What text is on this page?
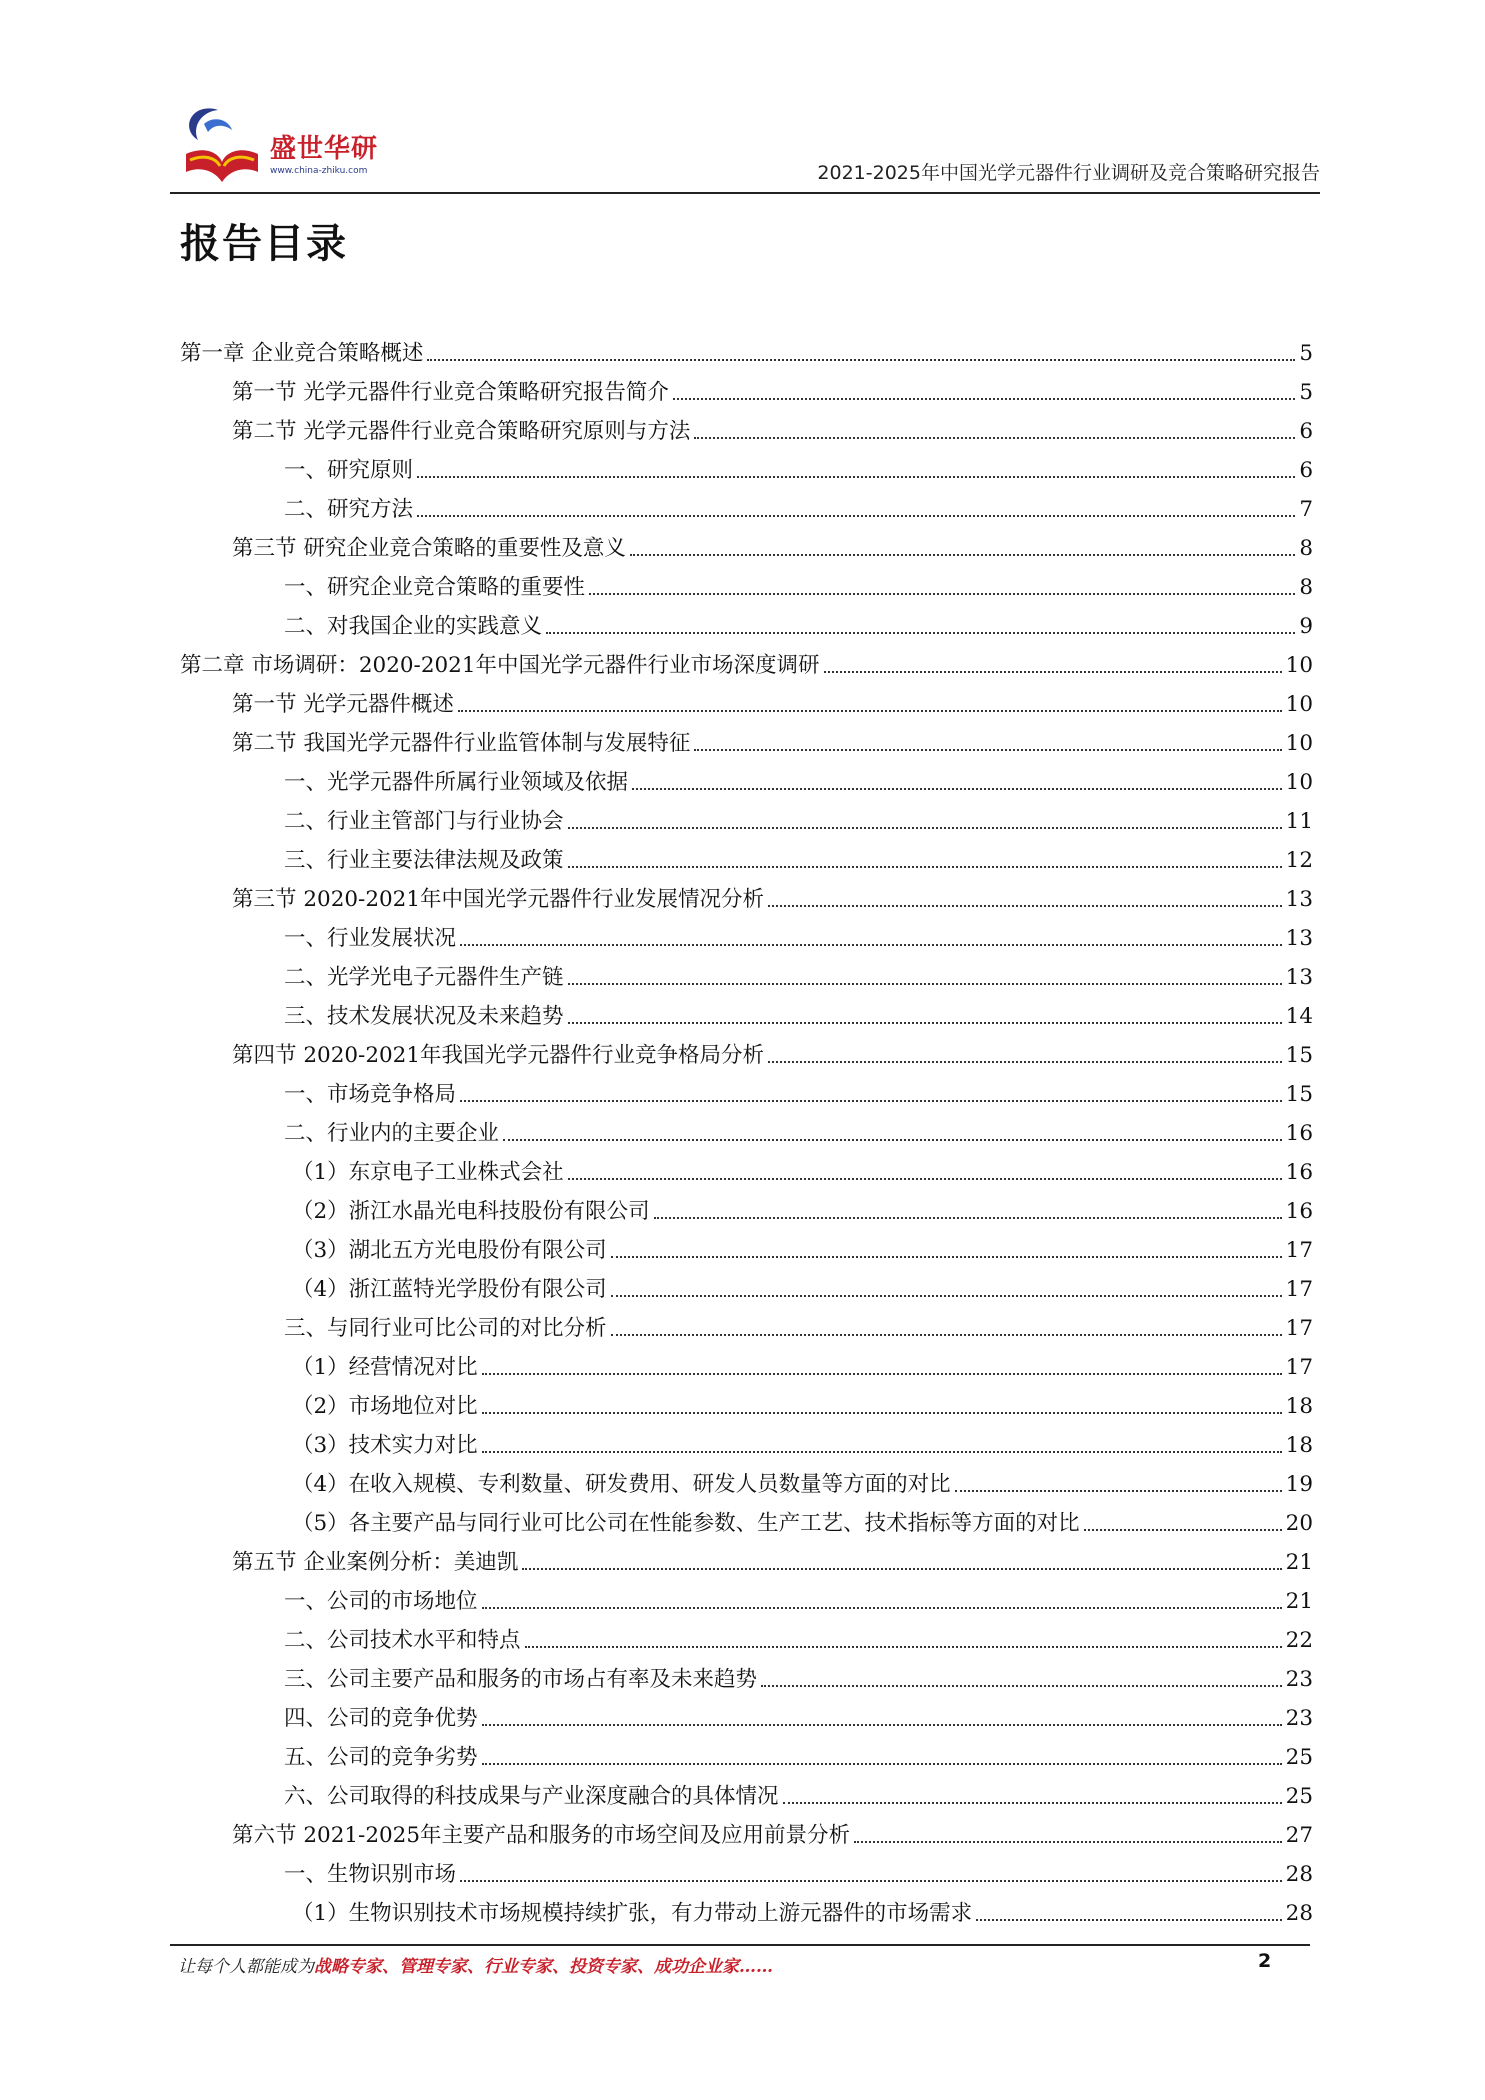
盛世华研
www.china-zhiku.com	2021-2025年中国光学元器件行业调研及竞合策略研究报告
报告目录
第一章 企业竞合策略概述	5
第一节 光学元器件行业竞合策略研究报告简介	5
第二节 光学元器件行业竞合策略研究原则与方法	6
一、研究原则	6
二、研究方法	7
第三节 研究企业竞合策略的重要性及意义	8
一、研究企业竞合策略的重要性	8
二、对我国企业的实践意义	9
第二章 市场调研：2020-2021年中国光学元器件行业市场深度调研	10
第一节 光学元器件概述	10
第二节 我国光学元器件行业监管体制与发展特征	10
一、光学元器件所属行业领域及依据	10
二、行业主管部门与行业协会	11
三、行业主要法律法规及政策	12
第三节 2020-2021年中国光学元器件行业发展情况分析	13
一、行业发展状况	13
二、光学光电子元器件生产链	13
三、技术发展状况及未来趋势	14
第四节 2020-2021年我国光学元器件行业竞争格局分析	15
一、市场竞争格局	15
二、行业内的主要企业	16
（1）东京电子工业株式会社	16
（2）浙江水晶光电科技股份有限公司	16
（3）湖北五方光电股份有限公司	17
（4）浙江蓝特光学股份有限公司	17
三、与同行业可比公司的对比分析	17
（1）经营情况对比	17
（2）市场地位对比	18
（3）技术实力对比	18
（4）在收入规模、专利数量、研发费用、研发人员数量等方面的对比	19
（5）各主要产品与同行业可比公司在性能参数、生产工艺、技术指标等方面的对比	20
第五节 企业案例分析：美迪凯	21
一、公司的市场地位	21
二、公司技术水平和特点	22
三、公司主要产品和服务的市场占有率及未来趋势	23
四、公司的竞争优势	23
五、公司的竞争劣势	25
六、公司取得的科技成果与产业深度融合的具体情况	25
第六节 2021-2025年主要产品和服务的市场空间及应用前景分析	27
一、生物识别市场	28
（1）生物识别技术市场规模持续扩张，有力带动上游元器件的市场需求	28
让每个人都能成为战略专家、管理专家、行业专家、投资专家、成功企业家……	2
